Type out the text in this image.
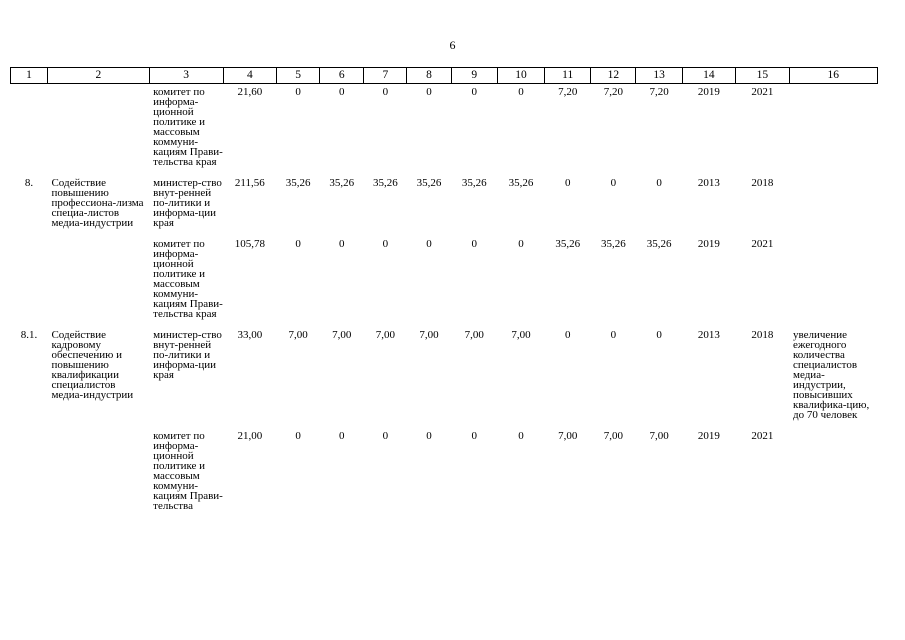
6
1	2	3	4	5	6	7	8	9	10	11	12	13	14	15	16
		комитет по информа-ционной политике и массовым коммуни-кациям Прави-тельства края	21,60	0	0	0	0	0	0	7,20	7,20	7,20	2019	2021	

8.	Содействие повышению профессиона-лизма специа-листов медиа-индустрии	министер-ство внут-ренней по-литики и информа-ции края	211,56	35,26	35,26	35,26	35,26	35,26	35,26	0	0	0	2013	2018	

		комитет по информа-ционной политике и массовым коммуни-кациям Прави-тельства края	105,78	0	0	0	0	0	0	35,26	35,26	35,26	2019	2021	

8.1.	Содействие кадровому обеспечению и повышению квалификации специалистов медиа-индустрии	министер-ство внут-ренней по-литики и информа-ции края	33,00	7,00	7,00	7,00	7,00	7,00	7,00	0	0	0	2013	2018	увеличение ежегодного количества специалистов медиа-индустрии, повысивших квалифика-цию, до 70 человек

		комитет по информа-ционной политике и массовым коммуни-кациям Прави-тельства	21,00	0	0	0	0	0	0	7,00	7,00	7,00	2019	2021	
